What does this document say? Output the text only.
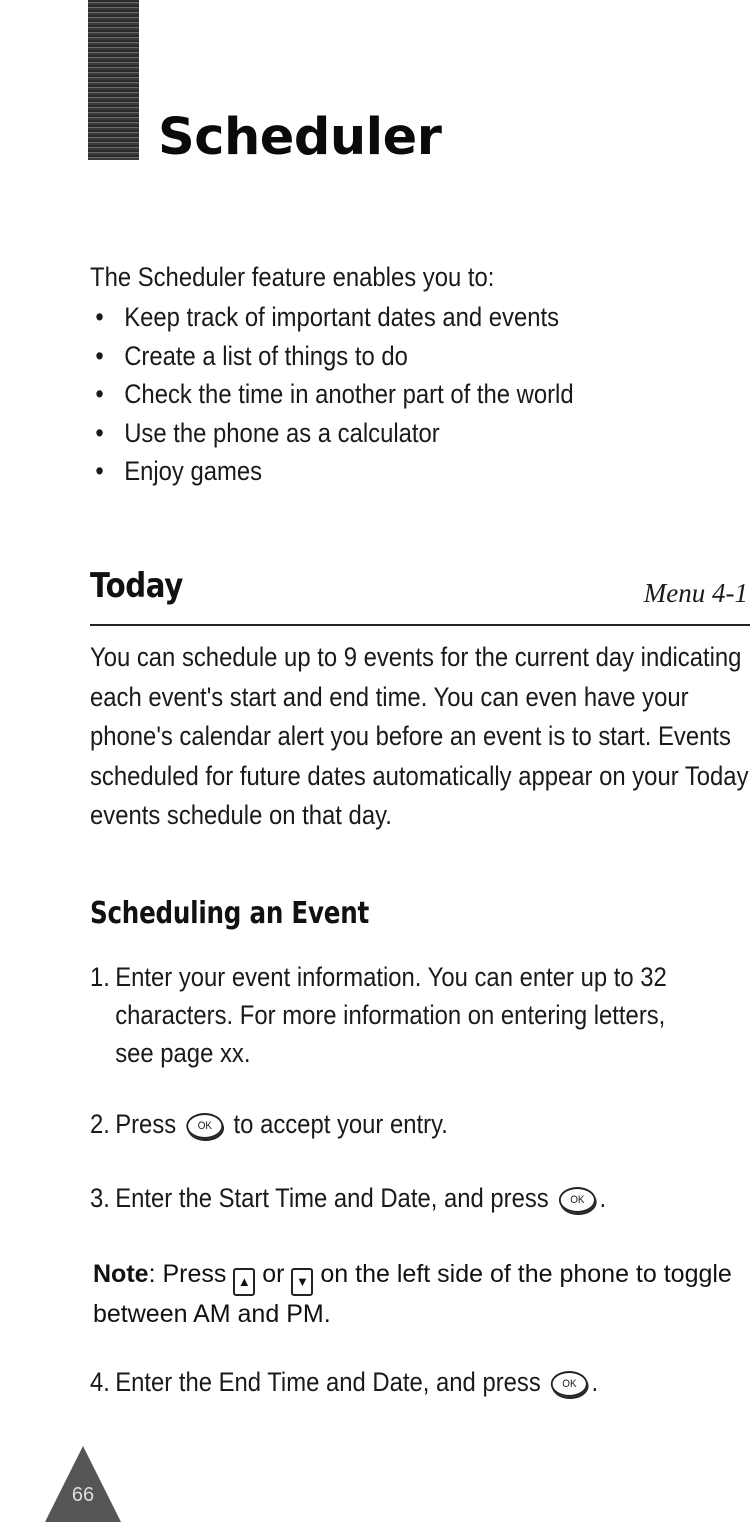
Scheduler

The Scheduler feature enables you to:

• Keep track of important dates and events
• Create a list of things to do
• Check the time in another part of the world
• Use the phone as a calculator
• Enjoy games
Today	Menu 4-1

You can schedule up to 9 events for the current day indicating each event's start and end time. You can even have your phone's calendar alert you before an event is to start. Events scheduled for future dates automatically appear on your Today events schedule on that day.

Scheduling an Event

1. Enter your event information. You can enter up to 32 characters. For more information on entering letters, see page xx.

2. Press OK to accept your entry.

3. Enter the Start Time and Date, and press OK .

Note: Press ▲ or ▼ on the left side of the phone to toggle between AM and PM.

4. Enter the End Time and Date, and press OK .

66
